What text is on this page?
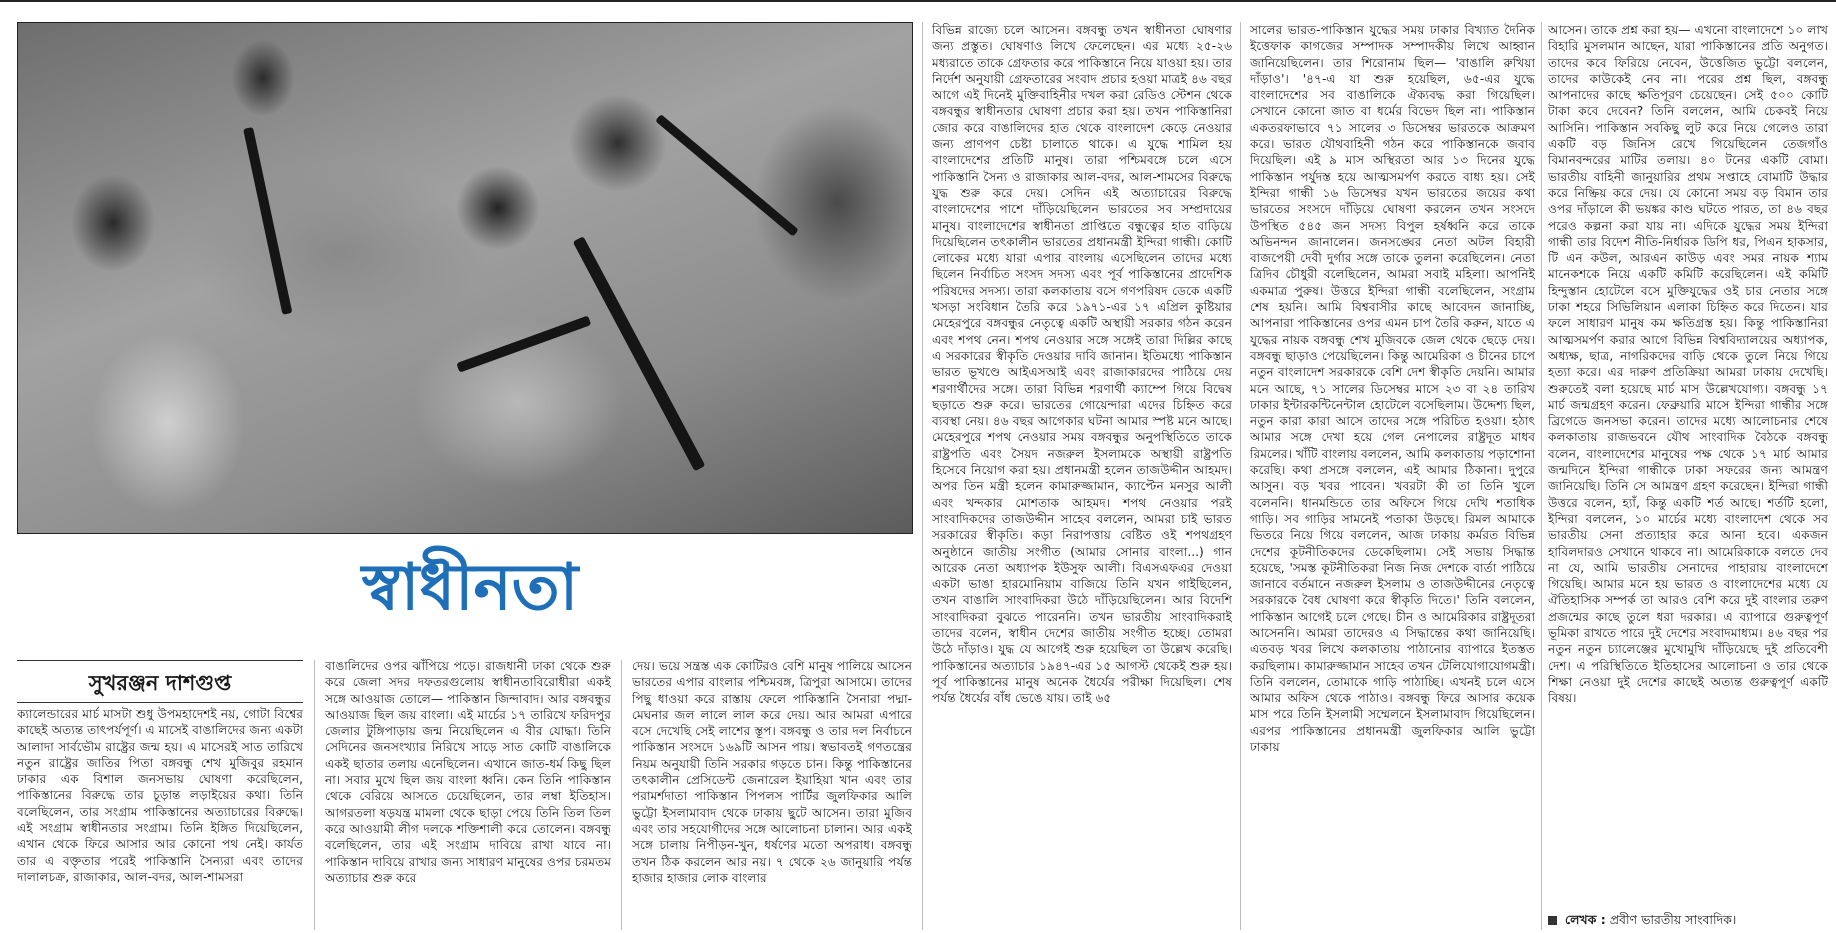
স্বাধীনতা
সুখরঞ্জন দাশগুপ্ত

ক্যালেন্ডারের মার্চ মাসটা শুধু উপমহাদেশই নয়, গোটা বিশ্বের কাছেই অত্যন্ত তাৎপর্যপূর্ণ। এ মাসেই বাঙালিদের জন্য একটা আলাদা সার্বভৌম রাষ্ট্রের জন্ম হয়। এ মাসেরই সাত তারিখে নতুন রাষ্ট্রের জাতির পিতা বঙ্গবন্ধু শেখ মুজিবুর রহমান ঢাকার এক বিশাল জনসভায় ঘোষণা করেছিলেন, পাকিস্তানের বিরুদ্ধে তার চূড়ান্ত লড়াইয়ের কথা। তিনি বলেছিলেন, তার সংগ্রাম পাকিস্তানের অত্যাচারের বিরুদ্ধে। এই সংগ্রাম স্বাধীনতার সংগ্রাম। তিনি ইঙ্গিত দিয়েছিলেন, এখান থেকে ফিরে আসার আর কোনো পথ নেই। কার্যত তার এ বক্তৃতার পরেই পাকিস্তানি সৈন্যরা এবং তাদের দালালচক্র, রাজাকার, আল-বদর, আল-শামসরা

বাঙালিদের ওপর ঝাঁপিয়ে পড়ে। রাজধানী ঢাকা থেকে শুরু করে জেলা সদর দফতরগুলোয় স্বাধীনতাবিরোধীরা একই সঙ্গে আওয়াজ তোলে— পাকিস্তান জিন্দাবাদ। আর বঙ্গবন্ধুর আওয়াজ ছিল জয় বাংলা। এই মার্চের ১৭ তারিখে ফরিদপুর জেলার টুঙ্গিপাড়ায় জন্ম নিয়েছিলেন এ বীর যোদ্ধা। তিনি সেদিনের জনসংখ্যার নিরিখে সাড়ে সাত কোটি বাঙালিকে একই ছাতার তলায় এনেছিলেন। এখানে জাত-ধর্ম কিছু ছিল না। সবার মুখে ছিল জয় বাংলা ধ্বনি। কেন তিনি পাকিস্তান থেকে বেরিয়ে আসতে চেয়েছিলেন, তার লম্বা ইতিহাস। আগরতলা ষড়যন্ত্র মামলা থেকে ছাড়া পেয়ে তিনি তিল তিল করে আওয়ামী লীগ দলকে শক্তিশালী করে তোলেন। বঙ্গবন্ধু বলেছিলেন, তার এই সংগ্রাম দাবিয়ে রাখা যাবে না। পাকিস্তান দাবিয়ে রাখার জন্য সাধারণ মানুষের ওপর চরমতম অত্যাচার শুরু করে

দেয়। ভয়ে সন্ত্রস্ত এক কোটিরও বেশি মানুষ পালিয়ে আসেন ভারতের এপার বাংলার পশ্চিমবঙ্গ, ত্রিপুরা আসামে। তাদের পিছু ধাওয়া করে রাস্তায় ফেলে পাকিস্তানি সৈনারা পদ্মা-মেঘনার জল লালে লাল করে দেয়। আর আমরা এপারে বসে দেখেছি সেই লাশের স্তূপ। বঙ্গবন্ধু ও তার দল নির্বাচনে পাকিস্তান সংসদে ১৬৯টি আসন পায়। স্বভাবতই গণতন্ত্রের নিয়ম অনুযায়ী তিনি সরকার গড়তে চান। কিন্তু পাকিস্তানের তৎকালীন প্রেসিডেন্ট জেনারেল ইয়াহিয়া খান এবং তার পরামর্শদাতা পাকিস্তান পিপলস পার্টির জুলফিকার আলি ভুট্টো ইসলামাবাদ থেকে ঢাকায় ছুটে আসেন। তারা মুজিব এবং তার সহযোগীদের সঙ্গে আলোচনা চালান। আর একই সঙ্গে চালায় নিপীড়ন-খুন, ধর্ষণের মতো অপরাধ। বঙ্গবন্ধু তখন ঠিক করলেন আর নয়। ৭ থেকে ২৬ জানুয়ারি পর্যন্ত হাজার হাজার লোক বাংলার

বিভিন্ন রাজ্যে চলে আসেন। বঙ্গবন্ধু তখন স্বাধীনতা ঘোষণার জন্য প্রস্তুত। ঘোষণাও লিখে ফেলেছেন। এর মধ্যে ২৫-২৬ মধ্যরাতে তাকে গ্রেফতার করে পাকিস্তানে নিয়ে যাওয়া হয়। তার নির্দেশ অনুযায়ী গ্রেফতারের সংবাদ প্রচার হওয়া মাত্রই ৪৬ বছর আগে এই দিনেই মুক্তিবাহিনীর দখল করা রেডিও স্টেশন থেকে বঙ্গবন্ধুর স্বাধীনতার ঘোষণা প্রচার করা হয়। তখন পাকিস্তানিরা জোর করে বাঙালিদের হাত থেকে বাংলাদেশ কেড়ে নেওয়ার জন্য প্রাণপণ চেষ্টা চালাতে থাকে। এ যুদ্ধে শামিল হয় বাংলাদেশের প্রতিটি মানুষ। তারা পশ্চিমবঙ্গে চলে এসে পাকিস্তানি সৈন্য ও রাজাকার আল-বদর, আল-শামসের বিরুদ্ধে যুদ্ধ শুরু করে দেয়। সেদিন এই অত্যাচারের বিরুদ্ধে বাংলাদেশের পাশে দাঁড়িয়েছিলেন ভারতের সব সম্প্রদায়ের মানুষ। বাংলাদেশের স্বাধীনতা প্রাপ্তিতে বন্ধুত্বের হাত বাড়িয়ে দিয়েছিলেন তৎকালীন ভারতের প্রধানমন্ত্রী ইন্দিরা গান্ধী। কোটি লোকের মধ্যে যারা এপার বাংলায় এসেছিলেন তাদের মধ্যে ছিলেন নির্বাচিত সংসদ সদস্য এবং পূর্ব পাকিস্তানের প্রাদেশিক পরিষদের সদস্য। তারা কলকাতায় বসে গণপরিষদ ডেকে একটি খসড়া সংবিধান তৈরি করে ১৯৭১-এর ১৭ এপ্রিল কুষ্টিয়ার মেহেরপুরে বঙ্গবন্ধুর নেতৃত্বে একটি অস্থায়ী সরকার গঠন করেন এবং শপথ নেন। শপথ নেওয়ার সঙ্গে সঙ্গেই তারা দিল্লির কাছে এ সরকারের স্বীকৃতি দেওয়ার দাবি জানান। ইতিমধ্যে পাকিস্তান ভারত ভূখণ্ডে আইএসআই এবং রাজাকারদের পাঠিয়ে দেয় শরণার্থীদের সঙ্গে। তারা বিভিন্ন শরণার্থী ক্যাম্পে গিয়ে বিদ্বেষ ছড়াতে শুরু করে। ভারতের গোয়েন্দারা এদের চিহ্নিত করে ব্যবস্থা নেয়। ৪৬ বছর আগেকার ঘটনা আমার স্পষ্ট মনে আছে। মেহেরপুরে শপথ নেওয়ার সময় বঙ্গবন্ধুর অনুপস্থিতিতে তাকে রাষ্ট্রপতি এবং সৈয়দ নজরুল ইসলামকে অস্থায়ী রাষ্ট্রপতি হিসেবে নিয়োগ করা হয়। প্রধানমন্ত্রী হলেন তাজউদ্দীন আহমদ। অপর তিন মন্ত্রী হলেন কামারুজ্জামান, ক্যাপ্টেন মনসুর আলী এবং খন্দকার মোশতাক আহমদ। শপথ নেওয়ার পরই সাংবাদিকদের তাজউদ্দীন সাহেব বললেন, আমরা চাই ভারত সরকারের স্বীকৃতি। কড়া নিরাপত্তায় বেষ্টিত ওই শপথগ্রহণ অনুষ্ঠানে জাতীয় সংগীত (আমার সোনার বাংলা...) গান আরেক নেতা অধ্যাপক ইউসুফ আলী। বিএসএফএর দেওয়া একটা ভাঙা হারমোনিয়াম বাজিয়ে তিনি যখন গাইছিলেন, তখন বাঙালি সাংবাদিকরা উঠে দাঁড়িয়েছিলেন। আর বিদেশি সাংবাদিকরা বুঝতে পারেননি। তখন ভারতীয় সাংবাদিকরাই তাদের বলেন, স্বাধীন দেশের জাতীয় সংগীত হচ্ছে। তোমরা উঠে দাঁড়াও। যুদ্ধ যে আগেই শুরু হয়েছিল তা উল্লেখ করেছি। পাকিস্তানের অত্যাচার ১৯৪৭-এর ১৫ আগস্ট থেকেই শুরু হয়। পূর্ব পাকিস্তানের মানুষ অনেক ধৈর্যের পরীক্ষা দিয়েছিল। শেষ পর্যন্ত ধৈর্যের বাঁধ ভেঙে যায়। তাই ৬৫

সালের ভারত-পাকিস্তান যুদ্ধের সময় ঢাকার বিখ্যাত দৈনিক ইত্তেফাক কাগজের সম্পাদক সম্পাদকীয় লিখে আহ্বান জানিয়েছিলেন। তার শিরোনাম ছিল— 'বাঙালি রুখিয়া দাঁড়াও'। '৪৭-এ যা শুরু হয়েছিল, ৬৫-এর যুদ্ধে বাংলাদেশের সব বাঙালিকে ঐক্যবদ্ধ করা গিয়েছিল। সেখানে কোনো জাত বা ধর্মের বিভেদ ছিল না। পাকিস্তান একতরফাভাবে ৭১ সালের ৩ ডিসেম্বর ভারতকে আক্রমণ করে। ভারত যৌথবাহিনী গঠন করে পাকিস্তানকে জবাব দিয়েছিল। এই ৯ মাস অস্থিরতা আর ১৩ দিনের যুদ্ধে পাকিস্তান পর্যুদস্ত হয়ে আত্মসমর্পণ করতে বাধ্য হয়। সেই ইন্দিরা গান্ধী ১৬ ডিসেম্বর যখন ভারতের জয়ের কথা ভারতের সংসদে দাঁড়িয়ে ঘোষণা করলেন তখন সংসদে উপস্থিত ৫৪৫ জন সদস্য বিপুল হর্ষধ্বনি করে তাকে অভিনন্দন জানালেন। জনসঙ্ঘের নেতা অটল বিহারী বাজপেয়ী দেবী দুর্গার সঙ্গে তাকে তুলনা করেছিলেন। নেতা ত্রিদিব চৌধুরী বলেছিলেন, আমরা সবাই মহিলা। আপনিই একমাত্র পুরুষ। উত্তরে ইন্দিরা গান্ধী বলেছিলেন, সংগ্রাম শেষ হয়নি। আমি বিশ্ববাসীর কাছে আবেদন জানাচ্ছি, আপনারা পাকিস্তানের ওপর এমন চাপ তৈরি করুন, যাতে এ যুদ্ধের নায়ক বঙ্গবন্ধু শেখ মুজিবকে জেল থেকে ছেড়ে দেয়। বঙ্গবন্ধু ছাড়াও পেয়েছিলেন। কিন্তু আমেরিকা ও চীনের চাপে নতুন বাংলাদেশ সরকারকে বেশি দেশ স্বীকৃতি দেয়নি। আমার মনে আছে, ৭১ সালের ডিসেম্বর মাসে ২৩ বা ২৪ তারিখ ঢাকার ইন্টারকন্টিনেন্টাল হোটেলে বসেছিলাম। উদ্দেশ্য ছিল, নতুন কারা কারা আসে তাদের সঙ্গে পরিচিত হওয়া। হঠাৎ আমার সঙ্গে দেখা হয়ে গেল নেপালের রাষ্ট্রদূত মাধব রিমলের। খাঁটি বাংলায় বললেন, আমি কলকাতায় পড়াশোনা করেছি। কথা প্রসঙ্গে বললেন, এই আমার ঠিকানা। দুপুরে আসুন। বড় খবর পাবেন। খবরটা কী তা তিনি খুলে বলেননি। ধানমন্ডিতে তার অফিসে গিয়ে দেখি শতাধিক গাড়ি। সব গাড়ির সামনেই পতাকা উড়ছে। রিমল আমাকে ভিতরে নিয়ে গিয়ে বললেন, আজ ঢাকায় কর্মরত বিভিন্ন দেশের কূটনীতিকদের ডেকেছিলাম। সেই সভায় সিদ্ধান্ত হয়েছে, 'সমস্ত কূটনীতিকরা নিজ নিজ দেশকে বার্তা পাঠিয়ে জানাবে বর্তমানে নজরুল ইসলাম ও তাজউদ্দীনের নেতৃত্বে সরকারকে বৈধ ঘোষণা করে স্বীকৃতি দিতে।' তিনি বললেন, পাকিস্তান আগেই চলে গেছে। চীন ও আমেরিকার রাষ্ট্রদূতরা আসেননি। আমরা তাদেরও এ সিদ্ধান্তের কথা জানিয়েছি। এতবড় খবর লিখে কলকাতায় পাঠানোর ব্যাপারে ইতস্তত করছিলাম। কামারুজ্জামান সাহেব তখন টেলিযোগাযোগমন্ত্রী। তিনি বললেন, তোমাকে গাড়ি পাঠাচ্ছি। এখনই চলে এসে আমার অফিস থেকে পাঠাও। বঙ্গবন্ধু ফিরে আসার কয়েক মাস পরে তিনি ইসলামী সম্মেলনে ইসলামাবাদ গিয়েছিলেন। এরপর পাকিস্তানের প্রধানমন্ত্রী জুলফিকার আলি ভুট্টো ঢাকায়

আসেন। তাকে প্রশ্ন করা হয়— এখনো বাংলাদেশে ১০ লাখ বিহারি মুসলমান আছেন, যারা পাকিস্তানের প্রতি অনুগত। তাদের কবে ফিরিয়ে নেবেন, উত্তেজিত ভুট্টো বললেন, তাদের কাউকেই নেব না। পরের প্রশ্ন ছিল, বঙ্গবন্ধু আপনাদের কাছে ক্ষতিপূরণ চেয়েছেন। সেই ৫০০ কোটি টাকা কবে দেবেন? তিনি বললেন, আমি চেকবই নিয়ে আসিনি। পাকিস্তান সবকিছু লুট করে নিয়ে গেলেও তারা একটি বড় জিনিস রেখে গিয়েছিলেন তেজগাঁও বিমানবন্দরের মাটির তলায়। ৪০ টনের একটি বোমা। ভারতীয় বাহিনী জানুয়ারির প্রথম সপ্তাহে বোমাটি উদ্ধার করে নিষ্ক্রিয় করে দেয়। যে কোনো সময় বড় বিমান তার ওপর দাঁড়ালে কী ভয়ঙ্কর কাণ্ড ঘটতে পারত, তা ৪৬ বছর পরেও কল্পনা করা যায় না। এদিকে যুদ্ধের সময় ইন্দিরা গান্ধী তার বিদেশ নীতি-নির্ধারক ডিপি ধর, পিএন হাকসার, টি এন কউল, আরএন কাউড় এবং সমর নায়ক শ্যাম মানেকশকে নিয়ে একটি কমিটি করেছিলেন। এই কমিটি হিন্দুস্তান হোটেলে বসে মুক্তিযুদ্ধের ওই চার নেতার সঙ্গে ঢাকা শহরে সিভিলিয়ান এলাকা চিহ্নিত করে দিতেন। যার ফলে সাধারণ মানুষ কম ক্ষতিগ্রস্ত হয়। কিন্তু পাকিস্তানিরা আত্মসমর্পণ করার আগে বিভিন্ন বিশ্ববিদ্যালয়ের অধ্যাপক, অধ্যক্ষ, ছাত্র, নাগরিকদের বাড়ি থেকে তুলে নিয়ে গিয়ে হত্যা করে। এর দারুণ প্রতিক্রিয়া আমরা ঢাকায় দেখেছি। শুরুতেই বলা হয়েছে মার্চ মাস উল্লেখযোগ্য। বঙ্গবন্ধু ১৭ মার্চ জন্মগ্রহণ করেন। ফেব্রুয়ারি মাসে ইন্দিরা গান্ধীর সঙ্গে ব্রিগেডে জনসভা করেন। তাদের মধ্যে আলোচনার শেষে কলকাতায় রাজভবনে যৌথ সাংবাদিক বৈঠকে বঙ্গবন্ধু বলেন, বাংলাদেশের মানুষের পক্ষ থেকে ১৭ মার্চ আমার জন্মদিনে ইন্দিরা গান্ধীকে ঢাকা সফরের জন্য আমন্ত্রণ জানিয়েছি। তিনি সে আমন্ত্রণ গ্রহণ করেছেন। ইন্দিরা গান্ধী উত্তরে বলেন, হ্যাঁ, কিন্তু একটি শর্ত আছে। শর্তটি হলো, ইন্দিরা বললেন, ১০ মার্চের মধ্যে বাংলাদেশ থেকে সব ভারতীয় সেনা প্রত্যাহার করে আনা হবে। একজন হাবিলদারও সেখানে থাকবে না। আমেরিকাকে বলতে দেব না যে, আমি ভারতীয় সেনাদের পাহারায় বাংলাদেশে গিয়েছি। আমার মনে হয় ভারত ও বাংলাদেশের মধ্যে যে ঐতিহাসিক সম্পর্ক তা আরও বেশি করে দুই বাংলার তরুণ প্রজন্মের কাছে তুলে ধরা দরকার। এ ব্যাপারে গুরুত্বপূর্ণ ভূমিকা রাখতে পারে দুই দেশের সংবাদমাধ্যম। ৪৬ বছর পর নতুন নতুন চ্যালেঞ্জের মুখোমুখি দাঁড়িয়েছে দুই প্রতিবেশী দেশ। এ পরিস্থিতিতে ইতিহাসের আলোচনা ও তার থেকে শিক্ষা নেওয়া দুই দেশের কাছেই অত্যন্ত গুরুত্বপূর্ণ একটি বিষয়।

লেখক : প্রবীণ ভারতীয় সাংবাদিক।
